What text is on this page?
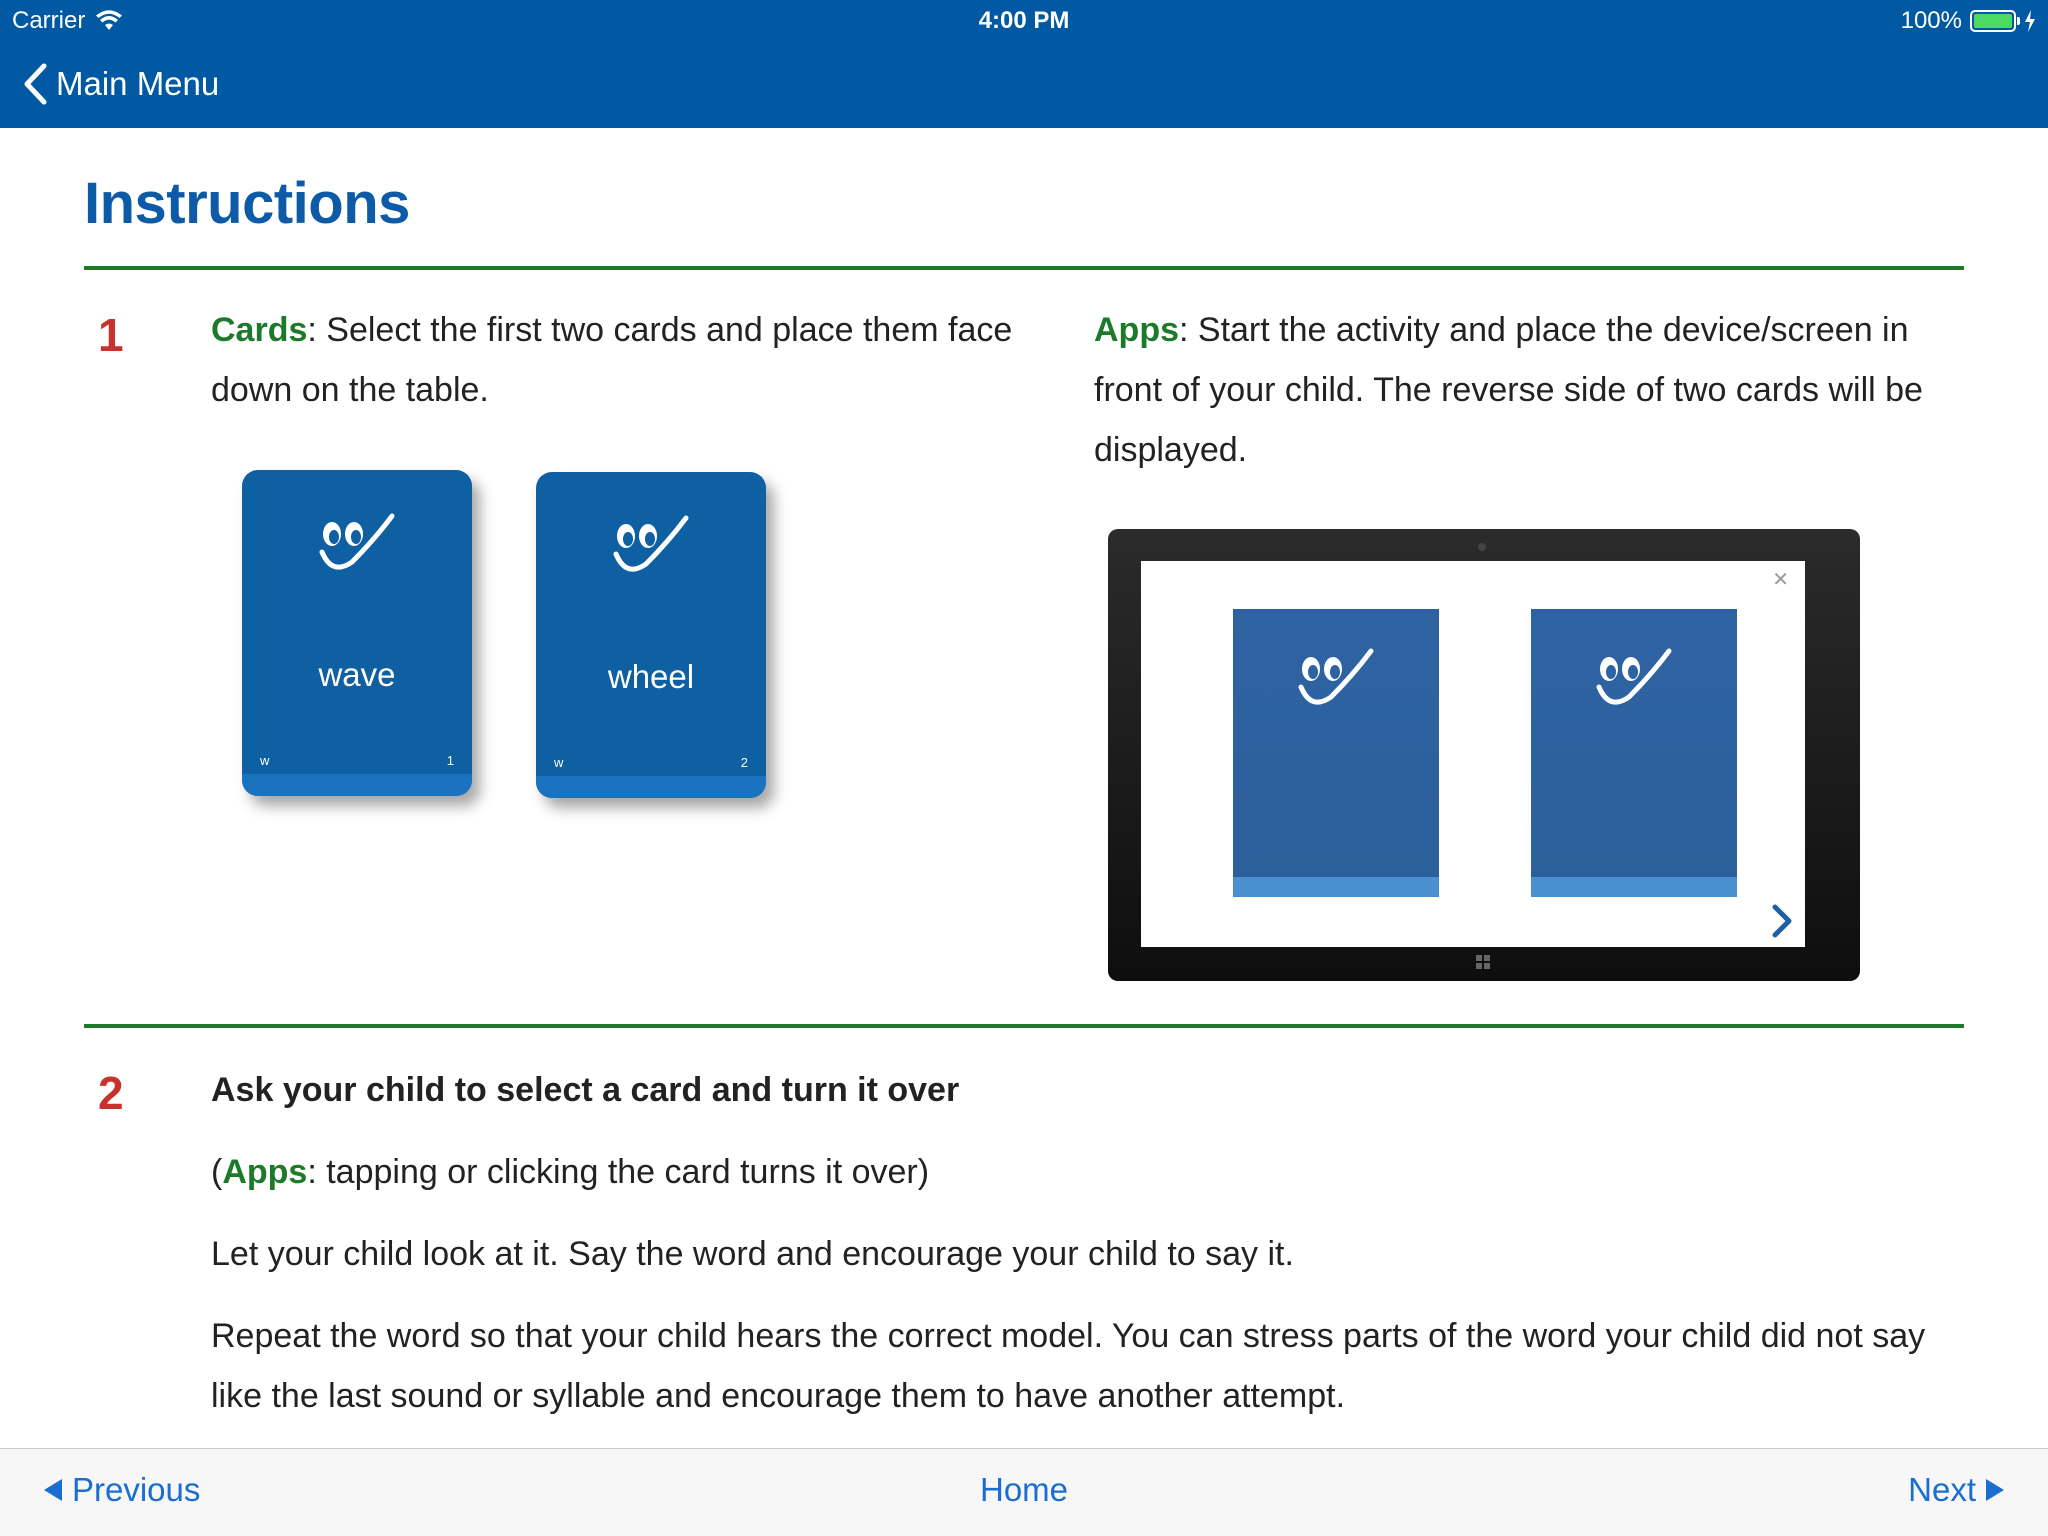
Carrier	4:00 PM	100%
Main Menu
Instructions
1	Cards: Select the first two cards and place them face down on the table.

Apps: Start the activity and place the device/screen in front of your child. The reverse side of two cards will be displayed.

wave
w	1
wheel
w	2
✕
2	Ask your child to select a card and turn it over

(Apps: tapping or clicking the card turns it over)

Let your child look at it. Say the word and encourage your child to say it.

Repeat the word so that your child hears the correct model. You can stress parts of the word your child did not say like the last sound or syllable and encourage them to have another attempt.

Previous	Home	Next
